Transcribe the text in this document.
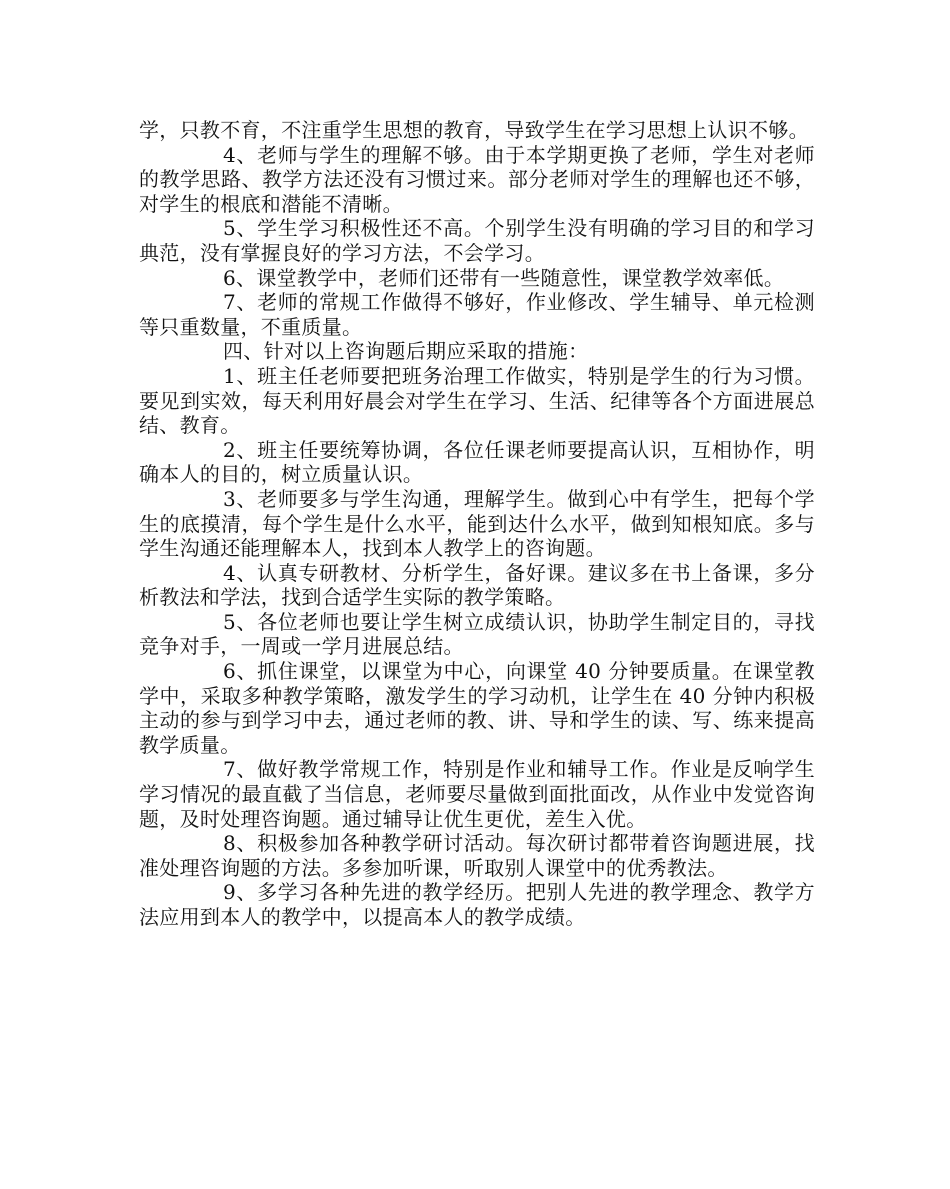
学，只教不育，不注重学生思想的教育，导致学生在学习思想上认识不够。

4、老师与学生的理解不够。由于本学期更换了老师，学生对老师的教学思路、教学方法还没有习惯过来。部分老师对学生的理解也还不够，对学生的根底和潜能不清晰。

5、学生学习积极性还不高。个别学生没有明确的学习目的和学习典范，没有掌握良好的学习方法，不会学习。

6、课堂教学中，老师们还带有一些随意性，课堂教学效率低。

7、老师的常规工作做得不够好，作业修改、学生辅导、单元检测等只重数量，不重质量。

四、针对以上咨询题后期应采取的措施：

1、班主任老师要把班务治理工作做实，特别是学生的行为习惯。要见到实效，每天利用好晨会对学生在学习、生活、纪律等各个方面进展总结、教育。

2、班主任要统筹协调，各位任课老师要提高认识，互相协作，明确本人的目的，树立质量认识。

3、老师要多与学生沟通，理解学生。做到心中有学生，把每个学生的底摸清，每个学生是什么水平，能到达什么水平，做到知根知底。多与学生沟通还能理解本人，找到本人教学上的咨询题。

4、认真专研教材、分析学生，备好课。建议多在书上备课，多分析教法和学法，找到合适学生实际的教学策略。

5、各位老师也要让学生树立成绩认识，协助学生制定目的，寻找竞争对手，一周或一学月进展总结。

6、抓住课堂，以课堂为中心，向课堂 40 分钟要质量。在课堂教学中，采取多种教学策略，激发学生的学习动机，让学生在 40 分钟内积极主动的参与到学习中去，通过老师的教、讲、导和学生的读、写、练来提高教学质量。

7、做好教学常规工作，特别是作业和辅导工作。作业是反响学生学习情况的最直截了当信息，老师要尽量做到面批面改，从作业中发觉咨询题，及时处理咨询题。通过辅导让优生更优，差生入优。

8、积极参加各种教学研讨活动。每次研讨都带着咨询题进展，找准处理咨询题的方法。多参加听课，听取别人课堂中的优秀教法。

9、多学习各种先进的教学经历。把别人先进的教学理念、教学方法应用到本人的教学中，以提高本人的教学成绩。
